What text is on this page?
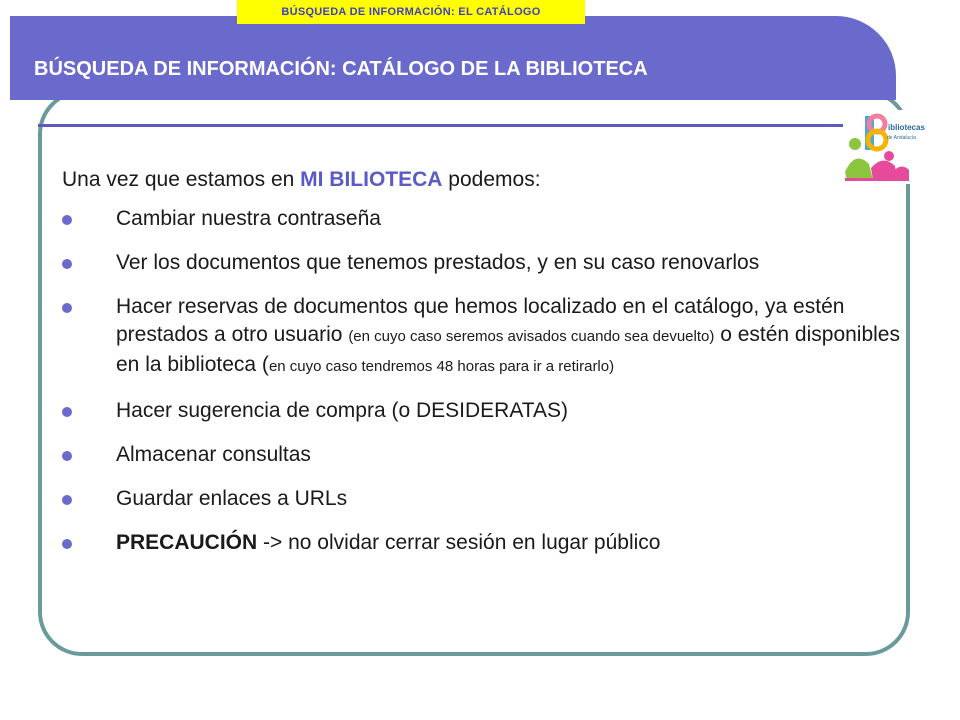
BÚSQUEDA DE INFORMACIÓN: EL CATÁLOGO
BÚSQUEDA DE INFORMACIÓN: CATÁLOGO DE LA BIBLIOTECA
ibliotecas
de Andalucía
Una vez que estamos en MI BILIOTECA podemos:
Cambiar nuestra contraseña
Ver los documentos que tenemos prestados, y en su caso renovarlos
Hacer reservas de documentos que hemos localizado en el catálogo, ya estén prestados a otro usuario (en cuyo caso seremos avisados cuando sea devuelto) o estén disponibles en la biblioteca (en cuyo caso tendremos 48 horas para ir a retirarlo)
Hacer sugerencia de compra (o DESIDERATAS)
Almacenar consultas
Guardar enlaces a URLs
PRECAUCIÓN -> no olvidar cerrar sesión en lugar público
